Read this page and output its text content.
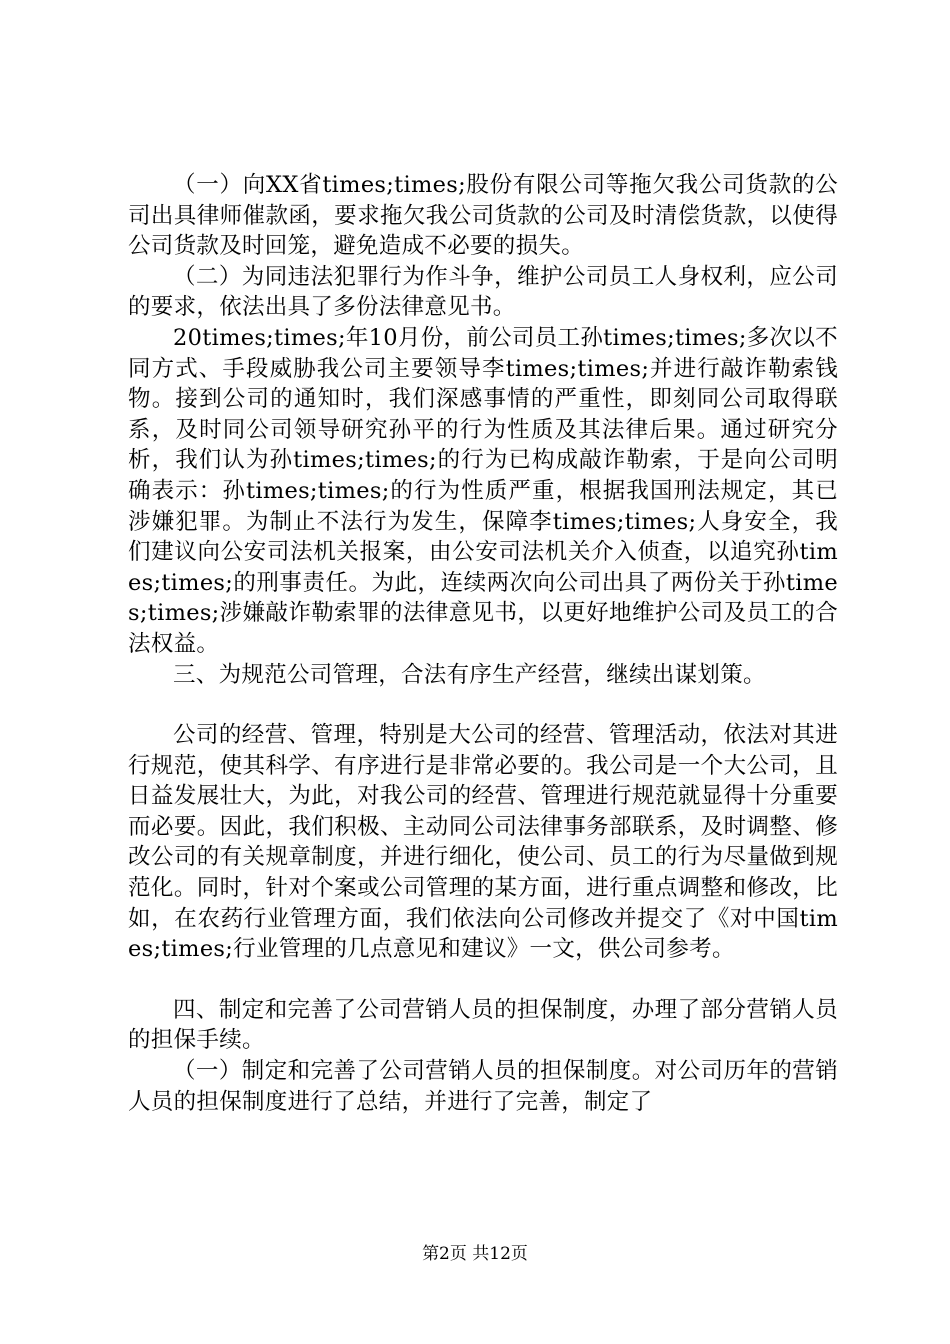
（一）向XX省times;times;股份有限公司等拖欠我公司货款的公司出具律师催款函，要求拖欠我公司货款的公司及时清偿货款，以使得公司货款及时回笼，避免造成不必要的损失。

（二）为同违法犯罪行为作斗争，维护公司员工人身权利，应公司的要求，依法出具了多份法律意见书。

20times;times;年10月份，前公司员工孙times;times;多次以不同方式、手段威胁我公司主要领导李times;times;并进行敲诈勒索钱物。接到公司的通知时，我们深感事情的严重性，即刻同公司取得联系，及时同公司领导研究孙平的行为性质及其法律后果。通过研究分析，我们认为孙times;times;的行为已构成敲诈勒索，于是向公司明确表示：孙times;times;的行为性质严重，根据我国刑法规定，其已涉嫌犯罪。为制止不法行为发生，保障李times;times;人身安全，我们建议向公安司法机关报案，由公安司法机关介入侦查，以追究孙times;times;的刑事责任。为此，连续两次向公司出具了两份关于孙times;times;涉嫌敲诈勒索罪的法律意见书，以更好地维护公司及员工的合法权益。

三、为规范公司管理，合法有序生产经营，继续出谋划策。

公司的经营、管理，特别是大公司的经营、管理活动，依法对其进行规范，使其科学、有序进行是非常必要的。我公司是一个大公司，且日益发展壮大，为此，对我公司的经营、管理进行规范就显得十分重要而必要。因此，我们积极、主动同公司法律事务部联系，及时调整、修改公司的有关规章制度，并进行细化，使公司、员工的行为尽量做到规范化。同时，针对个案或公司管理的某方面，进行重点调整和修改，比如，在农药行业管理方面，我们依法向公司修改并提交了《对中国times;times;行业管理的几点意见和建议》一文，供公司参考。

四、制定和完善了公司营销人员的担保制度，办理了部分营销人员的担保手续。

（一）制定和完善了公司营销人员的担保制度。对公司历年的营销人员的担保制度进行了总结，并进行了完善，制定了

第2页 共12页
